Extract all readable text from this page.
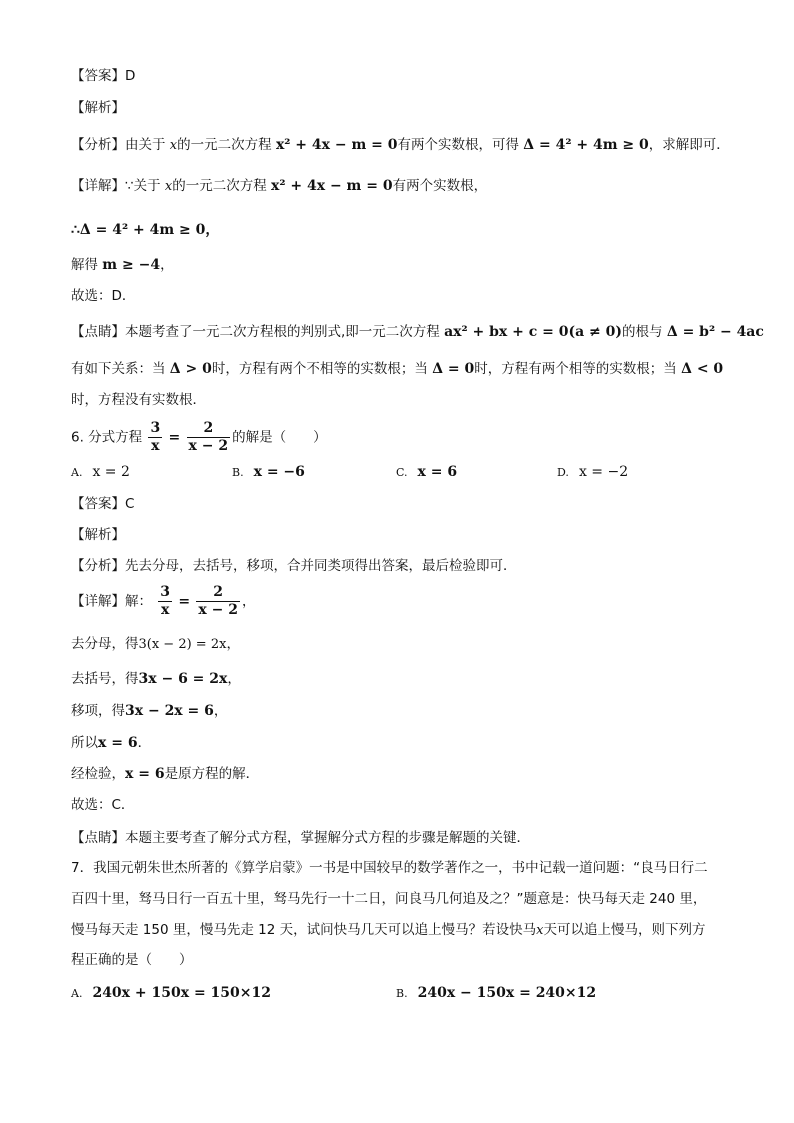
【答案】D
【解析】
【分析】由关于 x的一元二次方程 x² + 4x − m = 0有两个实数根，可得 Δ = 4² + 4m ≥ 0，求解即可．
【详解】∵关于 x的一元二次方程 x² + 4x − m = 0有两个实数根，
∴Δ = 4² + 4m ≥ 0，
解得 m ≥ −4，
故选：D．
【点睛】本题考查了一元二次方程根的判别式,即一元二次方程 ax² + bx + c = 0(a ≠ 0)的根与 Δ = b² − 4ac
有如下关系：当 Δ > 0时，方程有两个不相等的实数根；当 Δ = 0时，方程有两个相等的实数根；当 Δ < 0
时，方程没有实数根．
6. 分式方程 $\frac{3}{x} = \frac{2}{x - 2}$ 的解是（　　）
A. x = 2	B. x = −6	C. x = 6	D. x = −2
【答案】C
【解析】
【分析】先去分母，去括号，移项，合并同类项得出答案，最后检验即可．
【详解】解： $\frac{3}{x} = \frac{2}{x - 2}$ ，
去分母，得3(x − 2) = 2x，
去括号，得3x − 6 = 2x，
移项，得3x − 2x = 6，
所以x = 6．
经检验，x = 6是原方程的解．
故选：C．
【点睛】本题主要考查了解分式方程，掌握解分式方程的步骤是解题的关键．
7．我国元朝朱世杰所著的《算学启蒙》一书是中国较早的数学著作之一，书中记载一道问题：“良马日行二
百四十里，驽马日行一百五十里，驽马先行一十二日，问良马几何追及之？”题意是：快马每天走 240 里，
慢马每天走 150 里，慢马先走 12 天，试问快马几天可以追上慢马？若设快马x天可以追上慢马，则下列方
程正确的是（　　）
A. 240x + 150x = 150×12	B. 240x − 150x = 240×12
